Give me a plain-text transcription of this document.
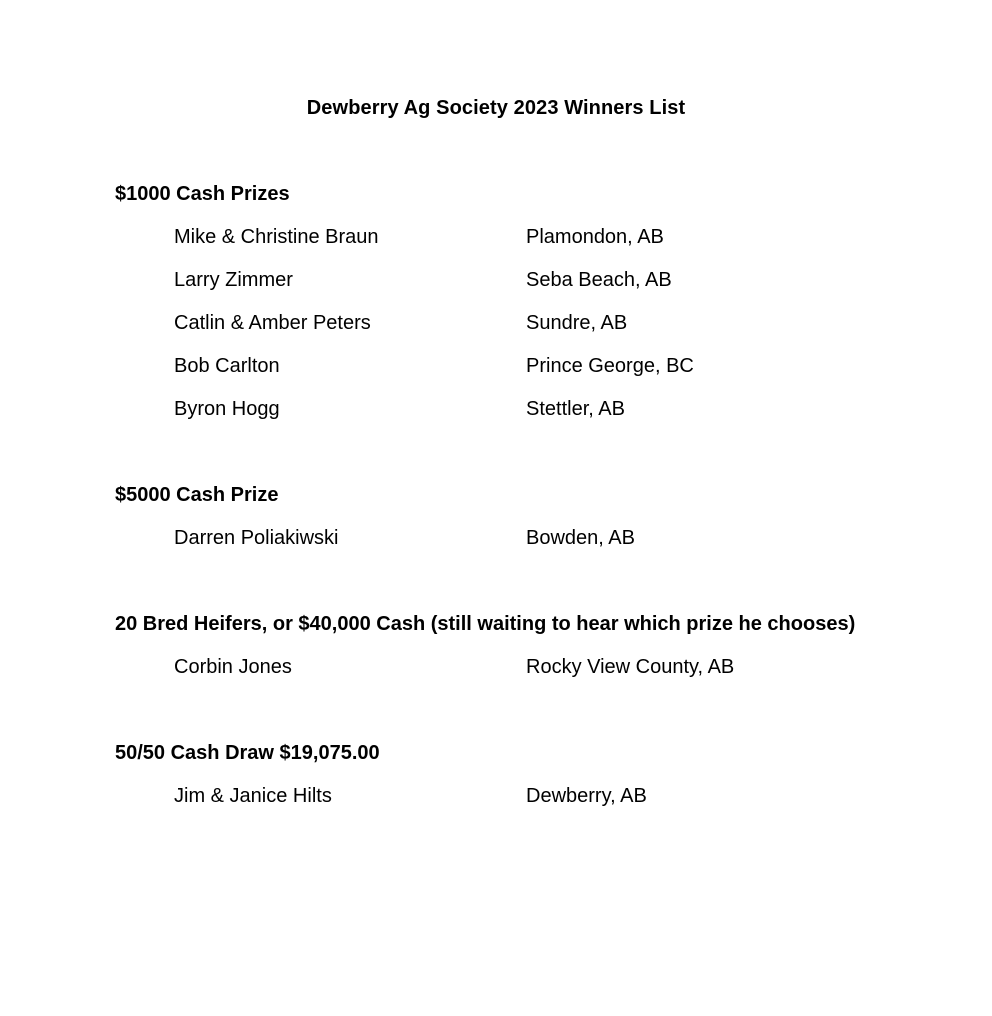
Dewberry Ag Society 2023 Winners List
$1000 Cash Prizes
Mike & Christine Braun	Plamondon, AB
Larry Zimmer	Seba Beach, AB
Catlin & Amber Peters	Sundre, AB
Bob Carlton	Prince George, BC
Byron Hogg	Stettler, AB
$5000 Cash Prize
Darren Poliakiwski	Bowden, AB
20 Bred Heifers, or $40,000 Cash (still waiting to hear which prize he chooses)
Corbin Jones	Rocky View County, AB
50/50 Cash Draw $19,075.00
Jim & Janice Hilts	Dewberry, AB
